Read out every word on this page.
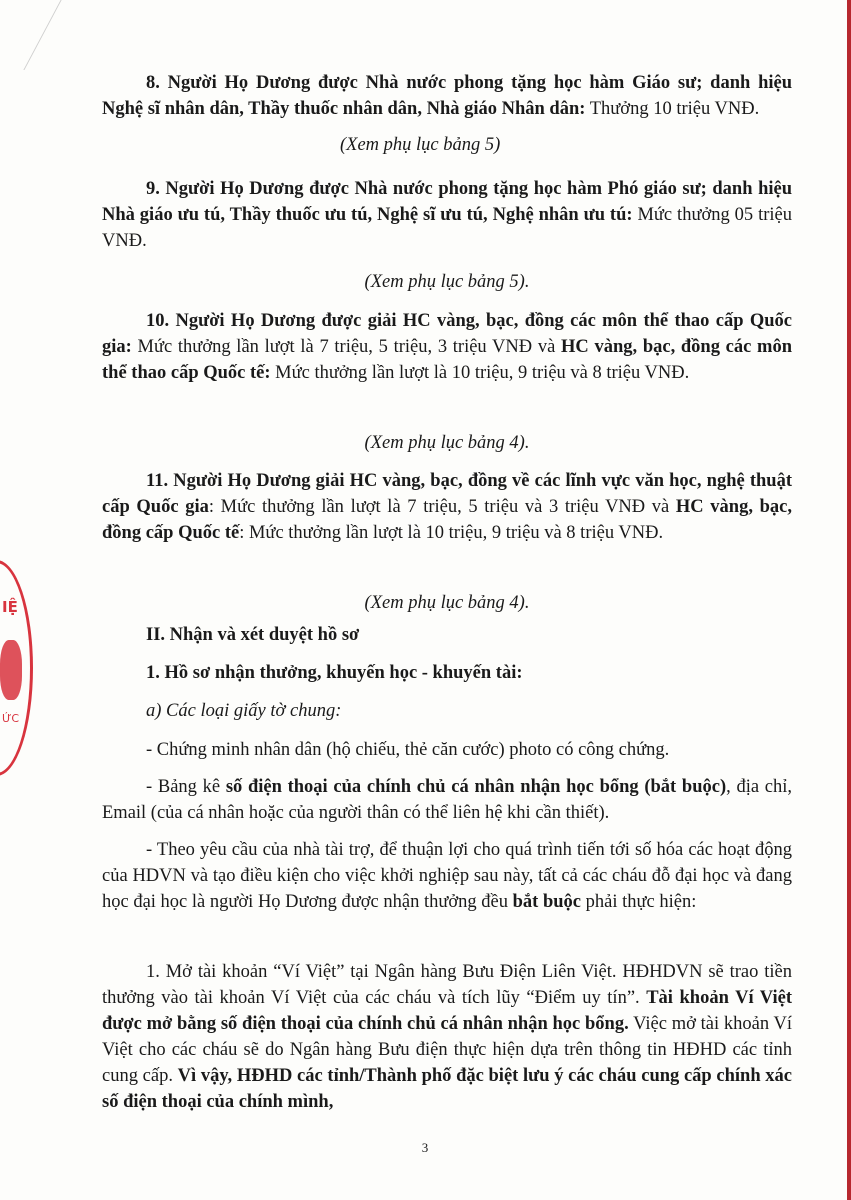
IỆ
ỨC

8. Người Họ Dương được Nhà nước phong tặng học hàm Giáo sư; danh hiệu Nghệ sĩ nhân dân, Thầy thuốc nhân dân, Nhà giáo Nhân dân: Thưởng 10 triệu VNĐ.

(Xem phụ lục bảng 5)

9. Người Họ Dương được Nhà nước phong tặng học hàm Phó giáo sư; danh hiệu Nhà giáo ưu tú, Thầy thuốc ưu tú, Nghệ sĩ ưu tú, Nghệ nhân ưu tú: Mức thưởng 05 triệu VNĐ.

(Xem phụ lục bảng 5).

10. Người Họ Dương được giải HC vàng, bạc, đồng các môn thể thao cấp Quốc gia: Mức thưởng lần lượt là 7 triệu, 5 triệu, 3 triệu VNĐ và HC vàng, bạc, đồng các môn thể thao cấp Quốc tế: Mức thưởng lần lượt là 10 triệu, 9 triệu và 8 triệu VNĐ.

(Xem phụ lục bảng 4).

11. Người Họ Dương giải HC vàng, bạc, đồng về các lĩnh vực văn học, nghệ thuật cấp Quốc gia: Mức thưởng lần lượt là 7 triệu, 5 triệu và 3 triệu VNĐ và HC vàng, bạc, đồng cấp Quốc tế: Mức thưởng lần lượt là 10 triệu, 9 triệu và 8 triệu VNĐ.

(Xem phụ lục bảng 4).

II. Nhận và xét duyệt hồ sơ

1. Hồ sơ nhận thưởng, khuyến học - khuyến tài:

a) Các loại giấy tờ chung:

- Chứng minh nhân dân (hộ chiếu, thẻ căn cước) photo có công chứng.

- Bảng kê số điện thoại của chính chủ cá nhân nhận học bổng (bắt buộc), địa chỉ, Email (của cá nhân hoặc của người thân có thể liên hệ khi cần thiết).

- Theo yêu cầu của nhà tài trợ, để thuận lợi cho quá trình tiến tới số hóa các hoạt động của HDVN và tạo điều kiện cho việc khởi nghiệp sau này, tất cả các cháu đỗ đại học và đang học đại học là người Họ Dương được nhận thưởng đều bắt buộc phải thực hiện:

1. Mở tài khoản “Ví Việt” tại Ngân hàng Bưu Điện Liên Việt. HĐHDVN sẽ trao tiền thưởng vào tài khoản Ví Việt của các cháu và tích lũy “Điểm uy tín”. Tài khoản Ví Việt được mở bằng số điện thoại của chính chủ cá nhân nhận học bổng. Việc mở tài khoản Ví Việt cho các cháu sẽ do Ngân hàng Bưu điện thực hiện dựa trên thông tin HĐHD các tỉnh cung cấp. Vì vậy, HĐHD các tỉnh/Thành phố đặc biệt lưu ý các cháu cung cấp chính xác số điện thoại của chính mình,

3
